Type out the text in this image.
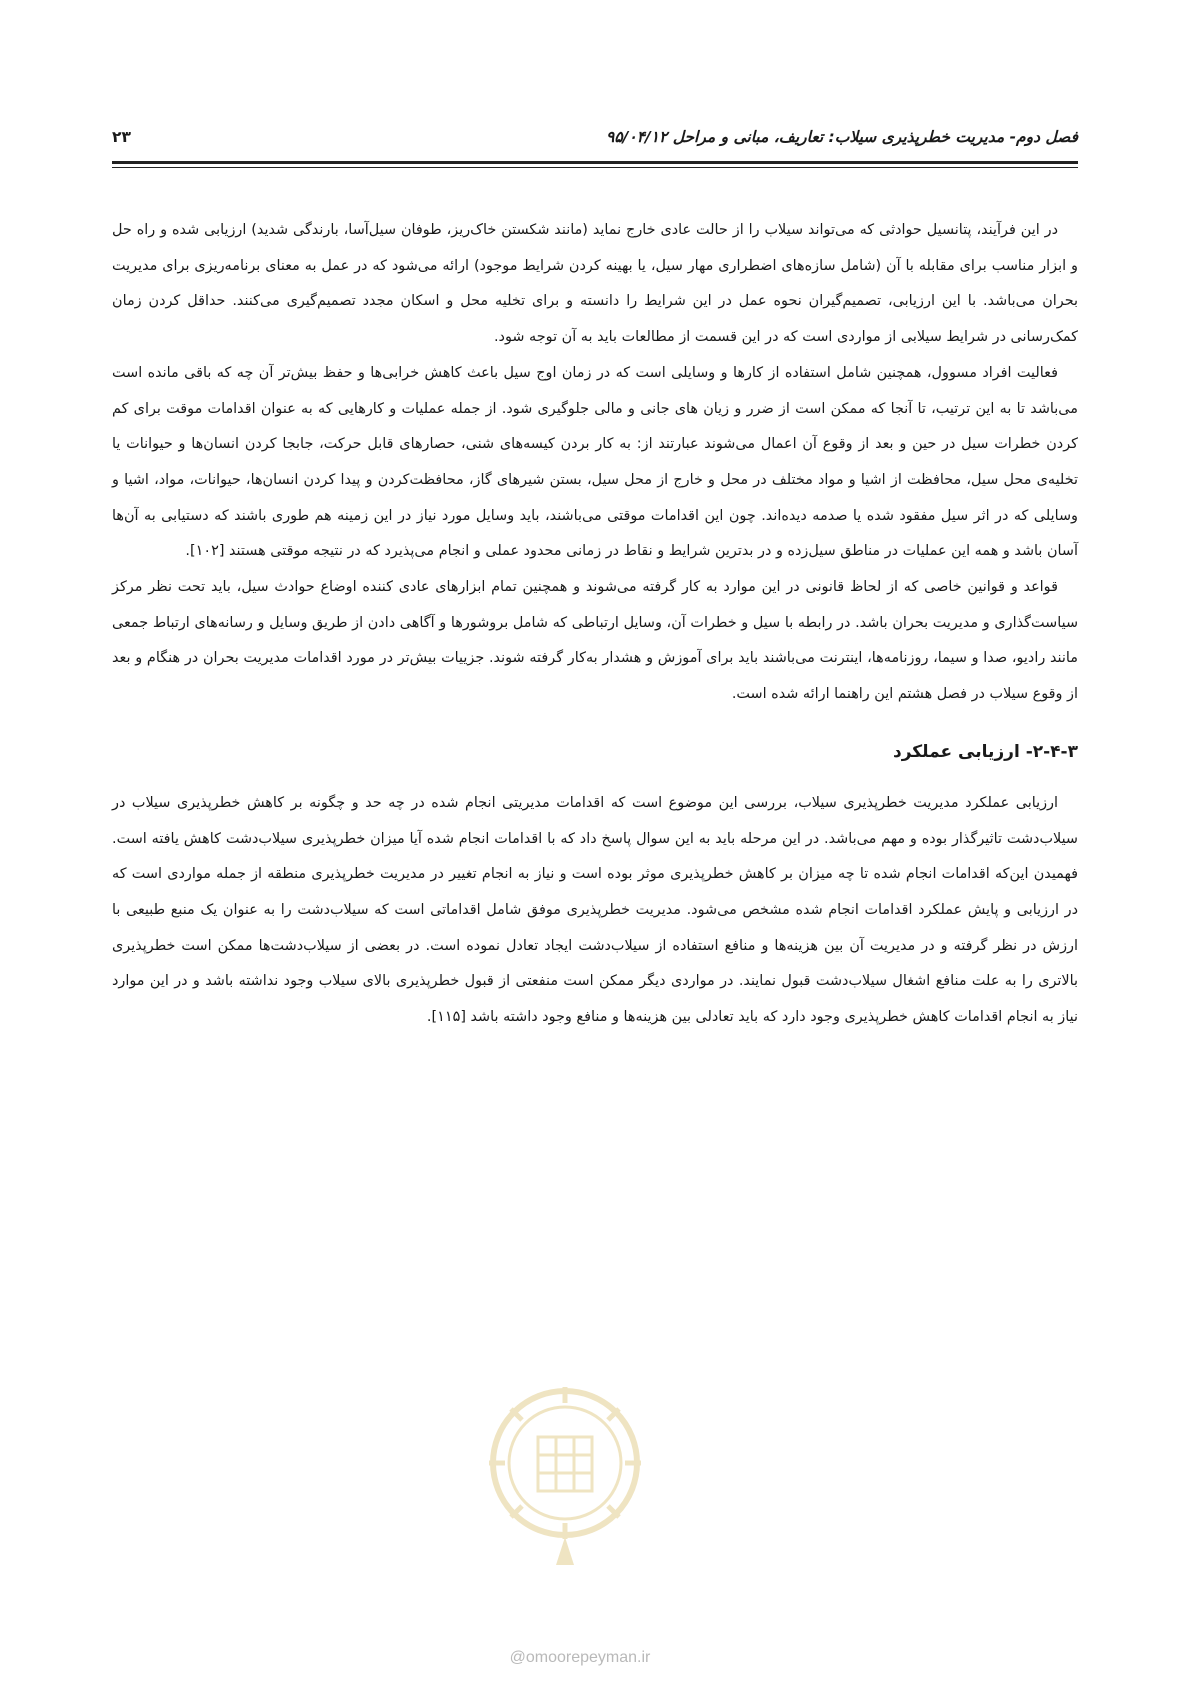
فصل دوم- مدیریت خطرپذیری سیلاب: تعاریف، مبانی و مراحل ۹۵/۰۴/۱۲
۲۳

در این فرآیند، پتانسیل حوادثی که می‌تواند سیلاب را از حالت عادی خارج نماید (مانند شکستن خاک‌ریز، طوفان سیل‌آسا، بارندگی شدید) ارزیابی شده و راه حل و ابزار مناسب برای مقابله با آن (شامل سازه‌های اضطراری مهار سیل، یا بهینه کردن شرایط موجود) ارائه می‌شود که در عمل به معنای برنامه‌ریزی برای مدیریت بحران می‌باشد. با این ارزیابی، تصمیم‌گیران نحوه عمل در این شرایط را دانسته و برای تخلیه محل و اسکان مجدد تصمیم‌گیری می‌کنند. حداقل کردن زمان کمک‌رسانی در شرایط سیلابی از مواردی است که در این قسمت از مطالعات باید به آن توجه شود.

فعالیت افراد مسوول، همچنین شامل استفاده از کارها و وسایلی است که در زمان اوج سیل باعث کاهش خرابی‌ها و حفظ بیش‌تر آن چه که باقی مانده است می‌باشد تا به این ترتیب، تا آنجا که ممکن است از ضرر و زیان های جانی و مالی جلوگیری شود. از جمله عملیات و کارهایی که به عنوان اقدامات موقت برای کم کردن خطرات سیل در حین و بعد از وقوع آن اعمال می‌شوند عبارتند از: به کار بردن کیسه‌های شنی، حصارهای قابل حرکت، جابجا کردن انسان‌ها و حیوانات یا تخلیه‌ی محل سیل، محافظت از اشیا و مواد مختلف در محل و خارج از محل سیل، بستن شیرهای گاز، محافظت‌کردن و پیدا کردن انسان‌ها، حیوانات، مواد، اشیا و وسایلی که در اثر سیل مفقود شده یا صدمه دیده‌اند. چون این اقدامات موقتی می‌باشند، باید وسایل مورد نیاز در این زمینه هم طوری باشند که دستیابی به آن‌ها آسان باشد و همه این عملیات در مناطق سیل‌زده و در بدترین شرایط و نقاط در زمانی محدود عملی و انجام می‌پذیرد که در نتیجه موقتی هستند [۱۰۲].

قواعد و قوانین خاصی که از لحاظ قانونی در این موارد به کار گرفته می‌شوند و همچنین تمام ابزارهای عادی کننده اوضاع حوادث سیل، باید تحت نظر مرکز سیاست‌گذاری و مدیریت بحران باشد. در رابطه با سیل و خطرات آن، وسایل ارتباطی که شامل بروشورها و آگاهی دادن از طریق وسایل و رسانه‌های ارتباط جمعی مانند رادیو، صدا و سیما، روزنامه‌ها، اینترنت می‌باشند باید برای آموزش و هشدار به‌کار گرفته شوند. جزییات بیش‌تر در مورد اقدامات مدیریت بحران در هنگام و بعد از وقوع سیلاب در فصل هشتم این راهنما ارائه شده است.

۲-۴-۳- ارزیابی عملکرد

ارزیابی عملکرد مدیریت خطرپذیری سیلاب، بررسی این موضوع است که اقدامات مدیریتی انجام شده در چه حد و چگونه بر کاهش خطرپذیری سیلاب در سیلاب‌دشت تاثیرگذار بوده و مهم می‌باشد. در این مرحله باید به این سوال پاسخ داد که با اقدامات انجام شده آیا میزان خطرپذیری سیلاب‌دشت کاهش یافته است. فهمیدن این‌که اقدامات انجام شده تا چه میزان بر کاهش خطرپذیری موثر بوده است و نیاز به انجام تغییر در مدیریت خطرپذیری منطقه از جمله مواردی است که در ارزیابی و پایش عملکرد اقدامات انجام شده مشخص می‌شود. مدیریت خطرپذیری موفق شامل اقداماتی است که سیلاب‌دشت را به عنوان یک منبع طبیعی با ارزش در نظر گرفته و در مدیریت آن بین هزینه‌ها و منافع استفاده از سیلاب‌دشت ایجاد تعادل نموده است. در بعضی از سیلاب‌دشت‌ها ممکن است خطرپذیری بالاتری را به علت منافع اشغال سیلاب‌دشت قبول نمایند. در مواردی دیگر ممکن است منفعتی از قبول خطرپذیری بالای سیلاب وجود نداشته باشد و در این موارد نیاز به انجام اقدامات کاهش خطرپذیری وجود دارد که باید تعادلی بین هزینه‌ها و منافع وجود داشته باشد [۱۱۵].

@omoorepeyman.ir
